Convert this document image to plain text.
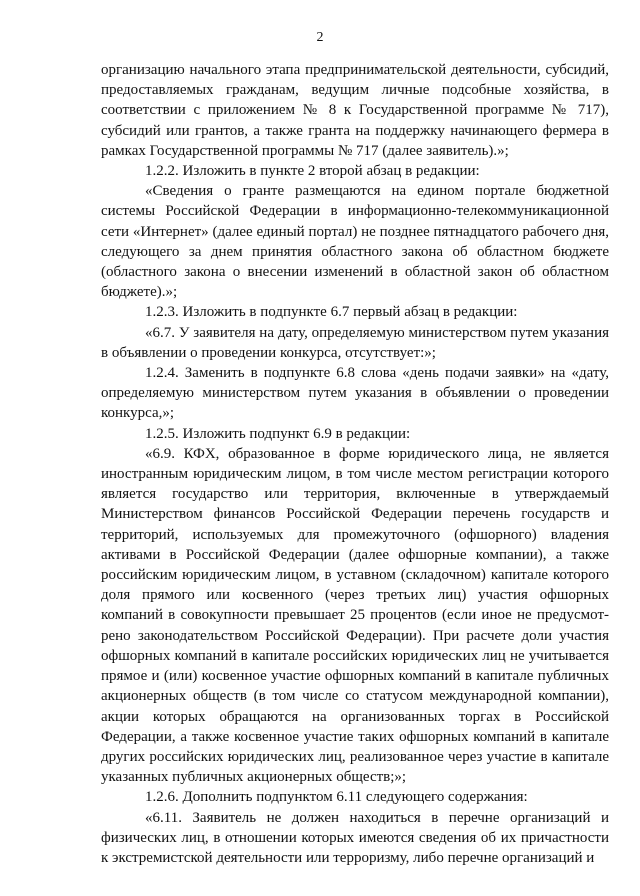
2

организацию начального этапа предпринимательской деятельности, субсидий, предоставляемых гражданам, ведущим личные подсобные хозяйства, в соответствии с приложением № 8 к Государственной программе № 717), субсидий или грантов, а также гранта на поддержку начинающего фермера в рамках Государственной программы № 717 (далее заявитель).»;

1.2.2. Изложить в пункте 2 второй абзац в редакции:

«Сведения о гранте размещаются на едином портале бюджетной системы Российской Федерации в информационно-телекоммуникационной сети «Интернет» (далее единый портал) не позднее пятнадцатого рабочего дня, следующего за днем принятия областного закона об областном бюджете (областного закона о внесении изменений в областной закон об областном бюджете).»;

1.2.3. Изложить в подпункте 6.7 первый абзац в редакции:

«6.7. У заявителя на дату, определяемую министерством путем указания в объявлении о проведении конкурса, отсутствует:»;

1.2.4. Заменить в подпункте 6.8 слова «день подачи заявки» на «дату, определяемую министерством путем указания в объявлении о проведении конкурса,»;

1.2.5. Изложить подпункт 6.9 в редакции:

«6.9. КФХ, образованное в форме юридического лица, не является иностранным юридическим лицом, в том числе местом регистрации которого является государство или территория, включенные в утверждаемый Министерством финансов Российской Федерации перечень государств и территорий, используемых для промежуточного (офшорного) владения активами в Российской Федерации (далее офшорные компании), а также российским юридическим лицом, в уставном (складочном) капитале которого доля прямого или косвенного (через третьих лиц) участия офшорных компаний в совокупности превышает 25 процентов (если иное не предусмот-рено законодательством Российской Федерации). При расчете доли участия офшорных компаний в капитале российских юридических лиц не учитывается прямое и (или) косвенное участие офшорных компаний в капитале публичных акционерных обществ (в том числе со статусом международной компании), акции которых обращаются на организованных торгах в Российской Федерации, а также косвенное участие таких офшорных компаний в капитале других российских юридических лиц, реализованное через участие в капитале указанных публичных акционерных обществ;»;

1.2.6. Дополнить подпунктом 6.11 следующего содержания:

«6.11. Заявитель не должен находиться в перечне организаций и физических лиц, в отношении которых имеются сведения об их причастности к экстремистской деятельности или терроризму, либо перечне организаций и
